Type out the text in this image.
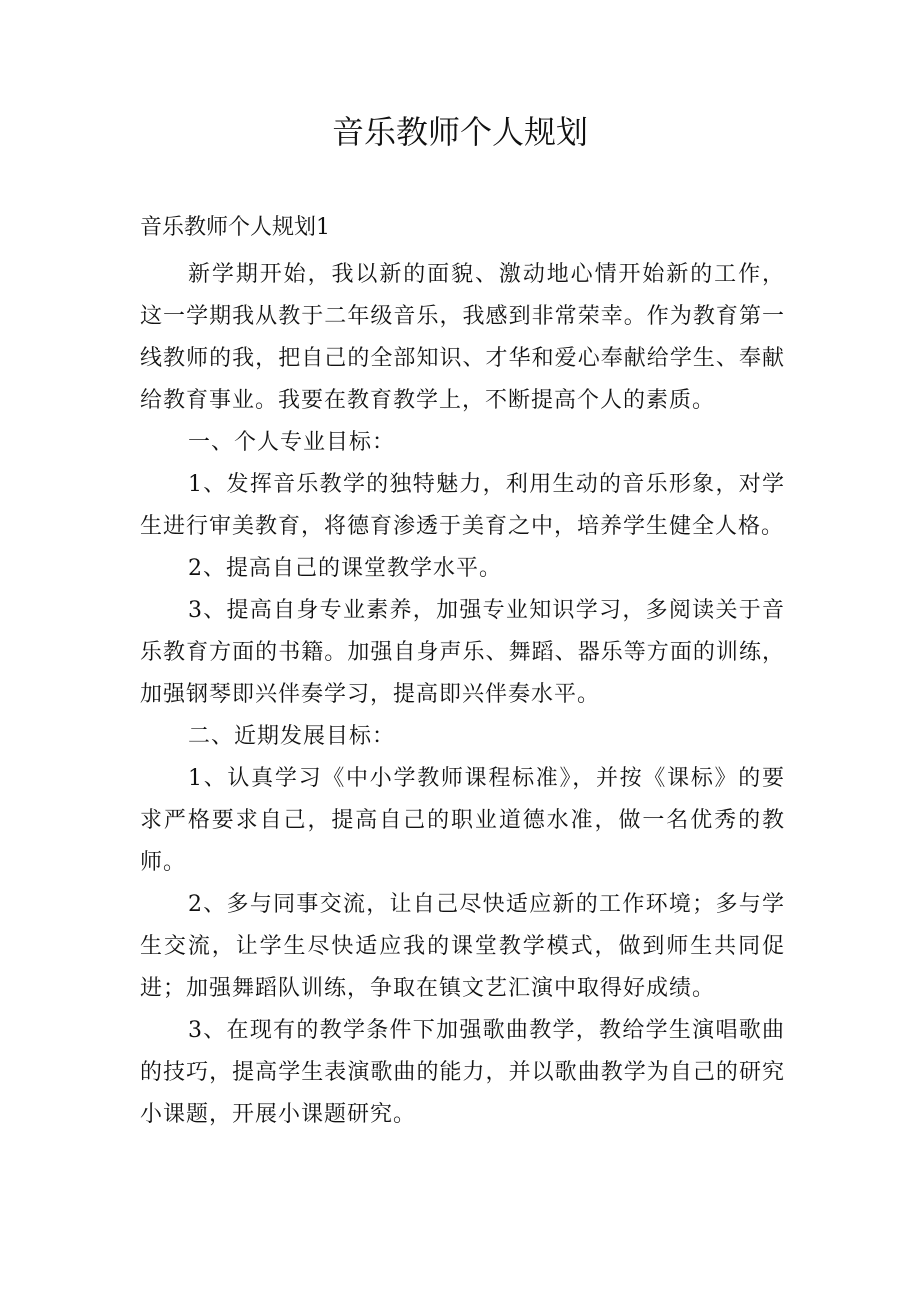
音乐教师个人规划
音乐教师个人规划1

新学期开始，我以新的面貌、激动地心情开始新的工作，这一学期我从教于二年级音乐，我感到非常荣幸。作为教育第一线教师的我，把自己的全部知识、才华和爱心奉献给学生、奉献给教育事业。我要在教育教学上，不断提高个人的素质。

一、个人专业目标：

1、发挥音乐教学的独特魅力，利用生动的音乐形象，对学生进行审美教育，将德育渗透于美育之中，培养学生健全人格。

2、提高自己的课堂教学水平。

3、提高自身专业素养，加强专业知识学习，多阅读关于音乐教育方面的书籍。加强自身声乐、舞蹈、器乐等方面的训练，加强钢琴即兴伴奏学习，提高即兴伴奏水平。

二、近期发展目标：

1、认真学习《中小学教师课程标准》，并按《课标》的要求严格要求自己，提高自己的职业道德水准，做一名优秀的教师。

2、多与同事交流，让自己尽快适应新的工作环境；多与学生交流，让学生尽快适应我的课堂教学模式，做到师生共同促进；加强舞蹈队训练，争取在镇文艺汇演中取得好成绩。

3、在现有的教学条件下加强歌曲教学，教给学生演唱歌曲的技巧，提高学生表演歌曲的能力，并以歌曲教学为自己的研究小课题，开展小课题研究。
